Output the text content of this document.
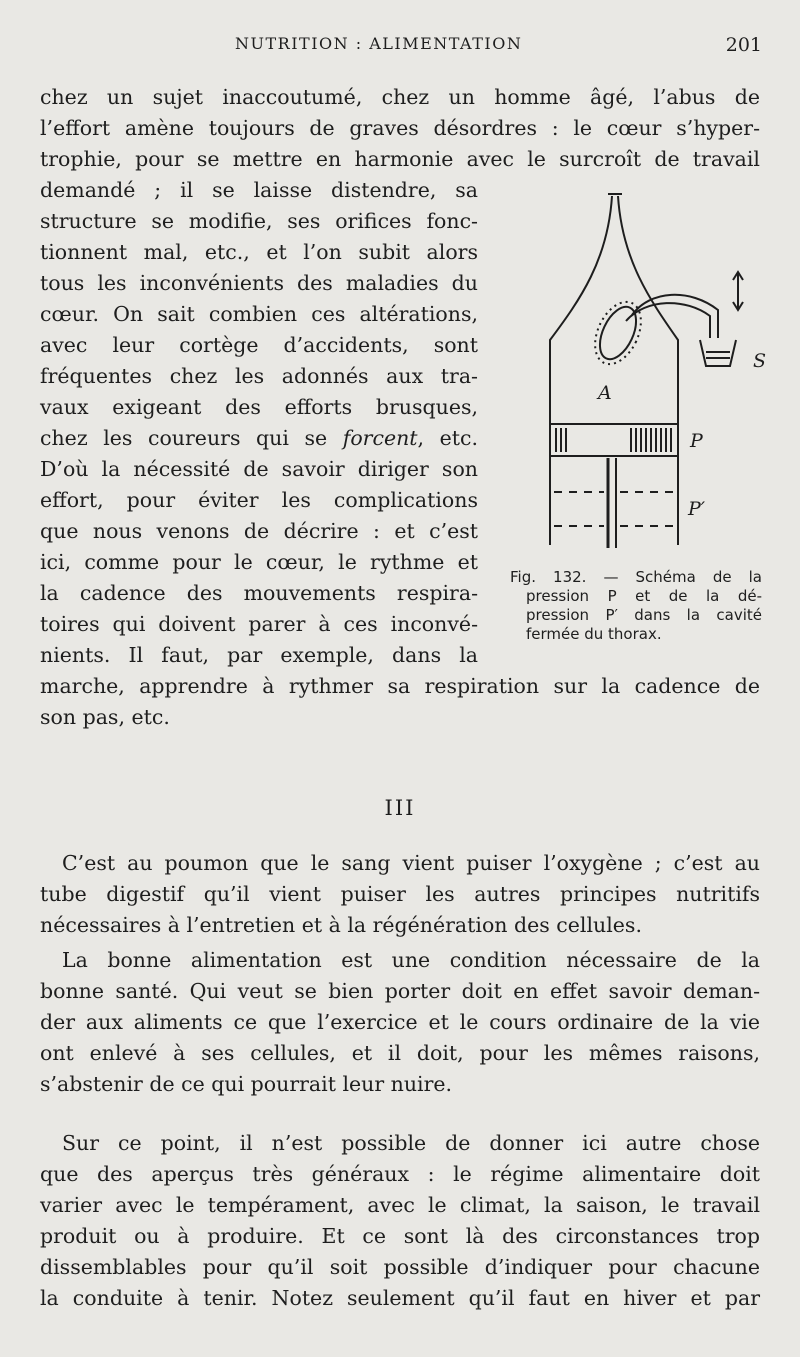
NUTRITION : ALIMENTATION	201
chez un sujet inaccoutumé, chez un homme âgé, l’abus de
l’effort amène toujours de graves désordres : le cœur s’hyper-
trophie, pour se mettre en harmonie avec le surcroît de travail
demandé ; il se laisse distendre, sa
structure se modifie, ses orifices fonc-
tionnent mal, etc., et l’on subit alors
tous les inconvénients des maladies du
cœur. On sait combien ces altérations,
avec leur cortège d’accidents, sont
fréquentes chez les adonnés aux tra-
vaux exigeant des efforts brusques,
chez les coureurs qui se forcent, etc.
D’où la nécessité de savoir diriger son
effort, pour éviter les complications
que nous venons de décrire : et c’est
ici, comme pour le cœur, le rythme et
la cadence des mouvements respira-
toires qui doivent parer à ces inconvé-
nients. Il faut, par exemple, dans la
marche, apprendre à rythmer sa respiration sur la cadence de
son pas, etc.
A
S
P
P′
Fig. 132. — Schéma de la
pression P et de la dé-
pression P′ dans la cavité
fermée du thorax.
III
C’est au poumon que le sang vient puiser l’oxygène ; c’est au
tube digestif qu’il vient puiser les autres principes nutritifs
nécessaires à l’entretien et à la régénération des cellules.
La bonne alimentation est une condition nécessaire de la
bonne santé. Qui veut se bien porter doit en effet savoir deman-
der aux aliments ce que l’exercice et le cours ordinaire de la vie
ont enlevé à ses cellules, et il doit, pour les mêmes raisons,
s’abstenir de ce qui pourrait leur nuire.
Sur ce point, il n’est possible de donner ici autre chose
que des aperçus très généraux : le régime alimentaire doit
varier avec le tempérament, avec le climat, la saison, le travail
produit ou à produire. Et ce sont là des circonstances trop
dissemblables pour qu’il soit possible d’indiquer pour chacune
la conduite à tenir. Notez seulement qu’il faut en hiver et par
